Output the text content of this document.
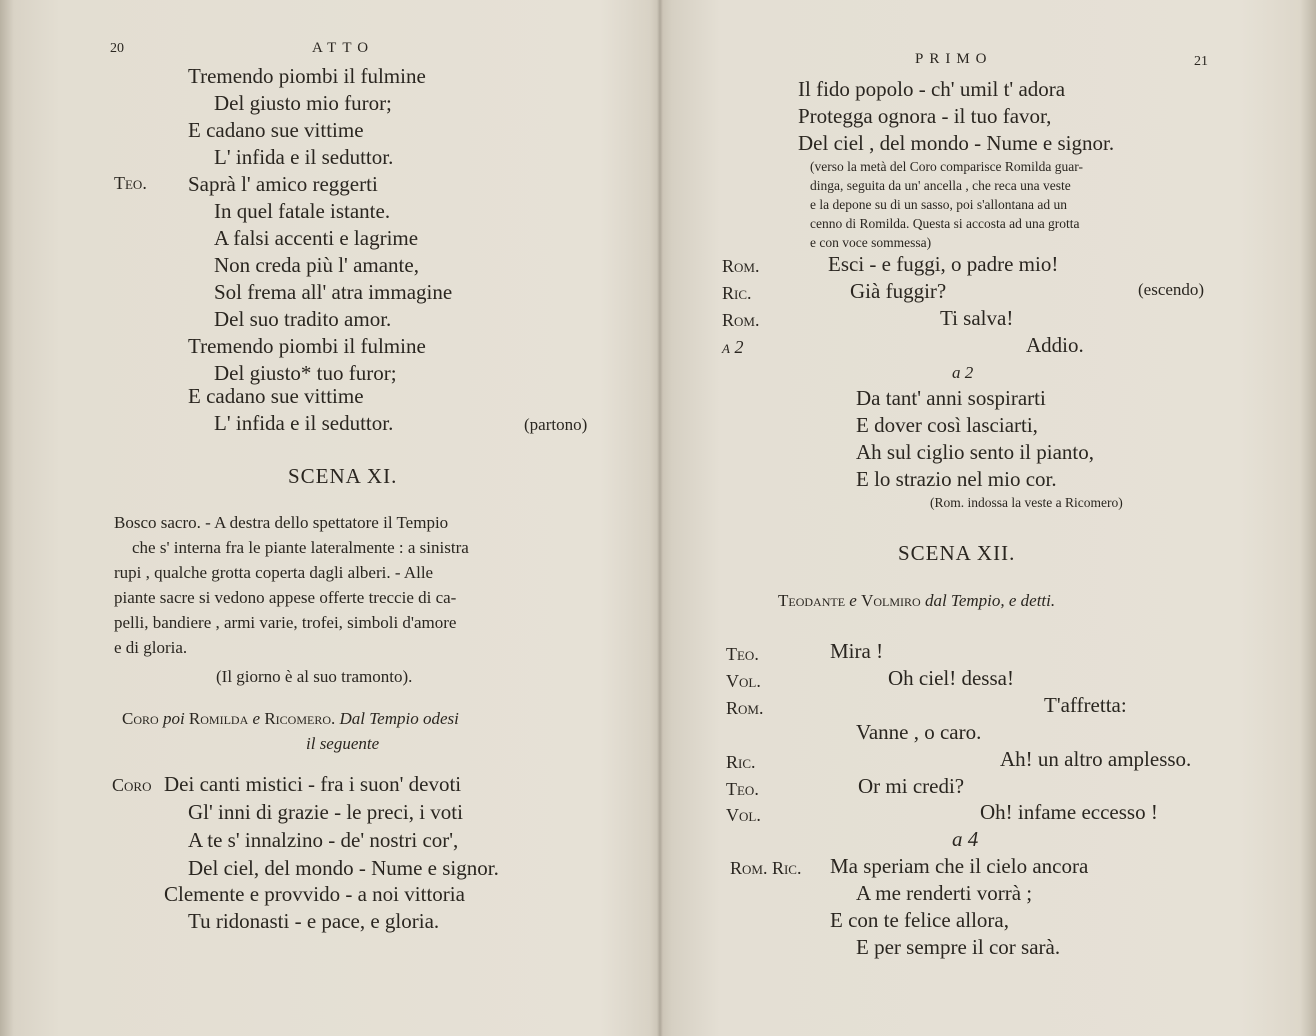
20	ATTO
Tremendo piombi il fulmine
Del giusto mio furor;
E cadano sue vittime
L' infida e il seduttor.
Teo. Saprà l' amico reggerti
In quel fatale istante.
A falsi accenti e lagrime
Non creda più l' amante,
Sol frema all' atra immagine
Del suo tradito amor.
Tremendo piombi il fulmine
Del giusto* tuo furor;
E cadano sue vittime
L' infida e il seduttor.	(partono)
SCENA XI.
Bosco sacro. - A destra dello spettatore il Tempio
che s' interna fra le piante lateralmente : a sinistra
rupi , qualche grotta coperta dagli alberi. - Alle
piante sacre si vedono appese offerte treccie di ca-
pelli, bandiere , armi varie, trofei, simboli d'amore
e di gloria.
(Il giorno è al suo tramonto).
Coro poi Romilda e Ricomero. Dal Tempio odesi
il seguente
Coro Dei canti mistici - fra i suon' devoti
Gl' inni di grazie - le preci, i voti
A te s' innalzino - de' nostri cor',
Del ciel, del mondo - Nume e signor.
Clemente e provvido - a noi vittoria
Tu ridonasti - e pace, e gloria.
PRIMO	21
Il fido popolo - ch' umil t' adora
Protegga ognora - il tuo favor,
Del ciel , del mondo - Nume e signor.
(verso la metà del Coro comparisce Romilda guar-
dinga, seguita da un' ancella , che reca una veste
e la depone su di un sasso, poi s'allontana ad un
cenno di Romilda. Questa si accosta ad una grotta
e con voce sommessa)
Rom.	Esci - e fuggi, o padre mio!
Ric.	Già fuggir?	(escendo)
Rom.	Ti salva!
a 2	Addio.
a 2
Da tant' anni sospirarti
E dover così lasciarti,
Ah sul ciglio sento il pianto,
E lo strazio nel mio cor.
(Rom. indossa la veste a Ricomero)
SCENA XII.
Teodante e Volmiro dal Tempio, e detti.
Teo.	Mira !
Vol.	Oh ciel! dessa!
Rom.	T'affretta:
Vanne , o caro.
Ric.	Ah! un altro amplesso.
Teo.	Or mi credi?
Vol.	Oh! infame eccesso !
a 4
Rom. Ric. Ma speriam che il cielo ancora
A me renderti vorrà ;
E con te felice allora,
E per sempre il cor sarà.
